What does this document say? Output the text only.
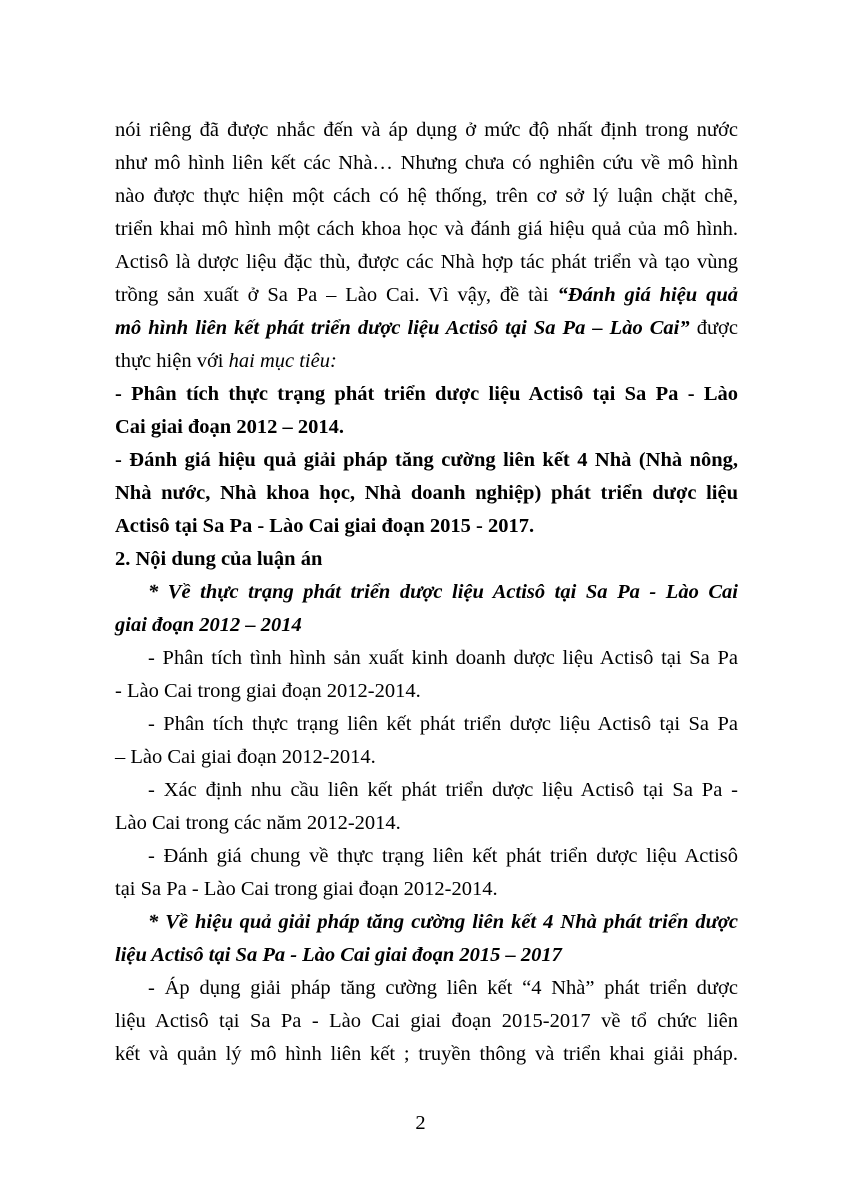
nói riêng đã được nhắc đến và áp dụng ở mức độ nhất định trong nước
như mô hình liên kết các Nhà… Nhưng chưa có nghiên cứu về mô hình
nào được thực hiện một cách có hệ thống, trên cơ sở lý luận chặt chẽ,
triển khai mô hình một cách khoa học và đánh giá hiệu quả của mô hình.
Actisô là dược liệu đặc thù, được các Nhà hợp tác phát triển và tạo vùng
trồng sản xuất ở Sa Pa – Lào Cai. Vì vậy, đề tài “Đánh giá hiệu quả
mô hình liên kết phát triển dược liệu Actisô tại Sa Pa – Lào Cai” được
thực hiện với hai mục tiêu:
- Phân tích thực trạng phát triển dược liệu Actisô tại Sa Pa - Lào
Cai giai đoạn 2012 – 2014.
- Đánh giá hiệu quả giải pháp tăng cường liên kết 4 Nhà (Nhà nông,
Nhà nước, Nhà khoa học, Nhà doanh nghiệp) phát triển dược liệu
Actisô tại Sa Pa - Lào Cai giai đoạn 2015 - 2017.
2. Nội dung của luận án
* Về thực trạng phát triển dược liệu Actisô tại Sa Pa - Lào Cai
giai đoạn 2012 – 2014
- Phân tích tình hình sản xuất kinh doanh dược liệu Actisô tại Sa Pa
- Lào Cai trong giai đoạn 2012-2014.
- Phân tích thực trạng liên kết phát triển dược liệu Actisô tại Sa Pa
– Lào Cai giai đoạn 2012-2014.
- Xác định nhu cầu liên kết phát triển dược liệu Actisô tại Sa Pa -
Lào Cai trong các năm 2012-2014.
- Đánh giá chung về thực trạng liên kết phát triển dược liệu Actisô
tại Sa Pa - Lào Cai trong giai đoạn 2012-2014.
* Về hiệu quả giải pháp tăng cường liên kết 4 Nhà phát triển dược
liệu Actisô tại Sa Pa - Lào Cai giai đoạn 2015 – 2017
- Áp dụng giải pháp tăng cường liên kết “4 Nhà” phát triển dược
liệu Actisô tại Sa Pa - Lào Cai giai đoạn 2015-2017 về tổ chức liên
kết và quản lý mô hình liên kết ; truyền thông và triển khai giải pháp.
2
